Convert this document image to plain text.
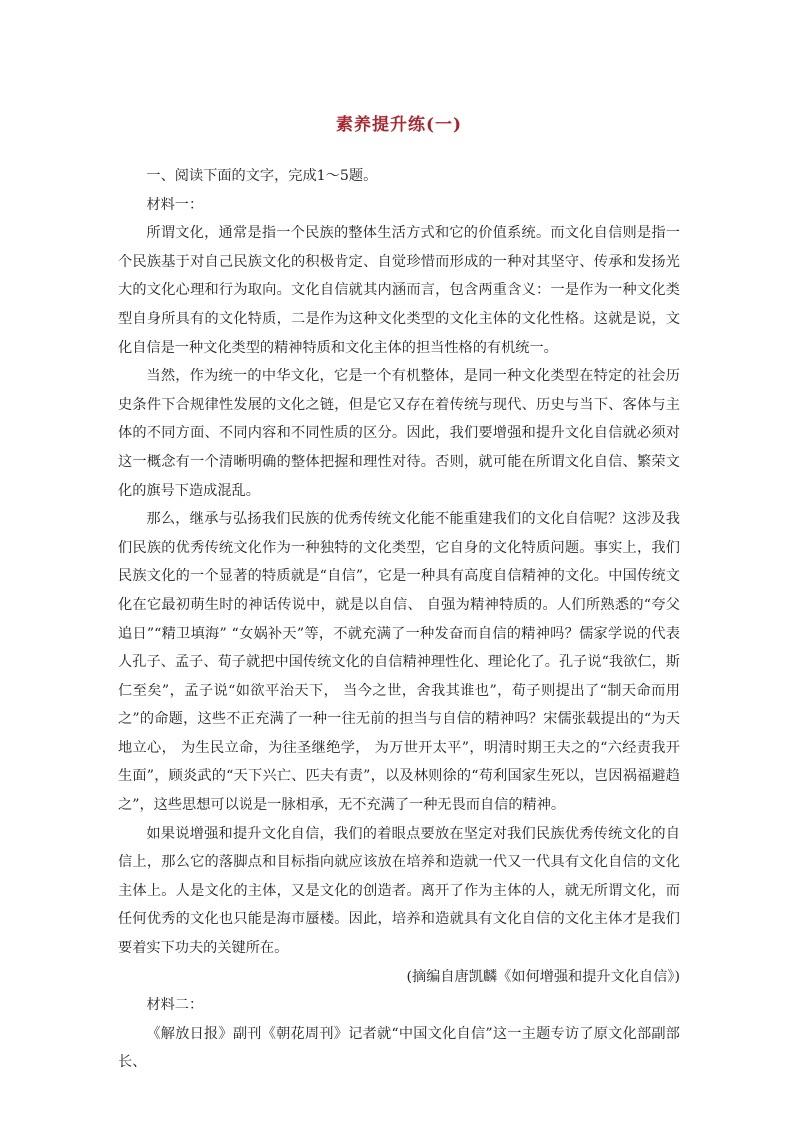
素养提升练(一)

一、阅读下面的文字，完成1～5题。

材料一：

所谓文化，通常是指一个民族的整体生活方式和它的价值系统。而文化自信则是指一个民族基于对自己民族文化的积极肯定、自觉珍惜而形成的一种对其坚守、传承和发扬光大的文化心理和行为取向。文化自信就其内涵而言，包含两重含义：一是作为一种文化类型自身所具有的文化特质，二是作为这种文化类型的文化主体的文化性格。这就是说，文化自信是一种文化类型的精神特质和文化主体的担当性格的有机统一。

当然，作为统一的中华文化，它是一个有机整体，是同一种文化类型在特定的社会历史条件下合规律性发展的文化之链，但是它又存在着传统与现代、历史与当下、客体与主体的不同方面、不同内容和不同性质的区分。因此，我们要增强和提升文化自信就必须对这一概念有一个清晰明确的整体把握和理性对待。否则，就可能在所谓文化自信、繁荣文化的旗号下造成混乱。

那么，继承与弘扬我们民族的优秀传统文化能不能重建我们的文化自信呢？这涉及我们民族的优秀传统文化作为一种独特的文化类型，它自身的文化特质问题。事实上，我们民族文化的一个显著的特质就是“自信”，它是一种具有高度自信精神的文化。中国传统文化在它最初萌生时的神话传说中，就是以自信、 自强为精神特质的。人们所熟悉的“夸父追日”“精卫填海” “女娲补天”等，不就充满了一种发奋而自信的精神吗？儒家学说的代表人孔子、孟子、荀子就把中国传统文化的自信精神理性化、理论化了。孔子说“我欲仁，斯仁至矣”，孟子说“如欲平治天下， 当今之世，舍我其谁也”，荀子则提出了“制天命而用之”的命题，这些不正充满了一种一往无前的担当与自信的精神吗？宋儒张载提出的“为天地立心， 为生民立命，为往圣继绝学， 为万世开太平”，明清时期王夫之的“六经责我开生面”，顾炎武的“天下兴亡、匹夫有责”，以及林则徐的“苟利国家生死以，岂因祸福避趋之”，这些思想可以说是一脉相承，无不充满了一种无畏而自信的精神。

如果说增强和提升文化自信，我们的着眼点要放在坚定对我们民族优秀传统文化的自信上，那么它的落脚点和目标指向就应该放在培养和造就一代又一代具有文化自信的文化主体上。人是文化的主体，又是文化的创造者。离开了作为主体的人，就无所谓文化，而任何优秀的文化也只能是海市蜃楼。因此，培养和造就具有文化自信的文化主体才是我们要着实下功夫的关键所在。

(摘编自唐凯麟《如何增强和提升文化自信》)

材料二：

《解放日报》副刊《朝花周刊》记者就“中国文化自信”这一主题专访了原文化部副部长、
